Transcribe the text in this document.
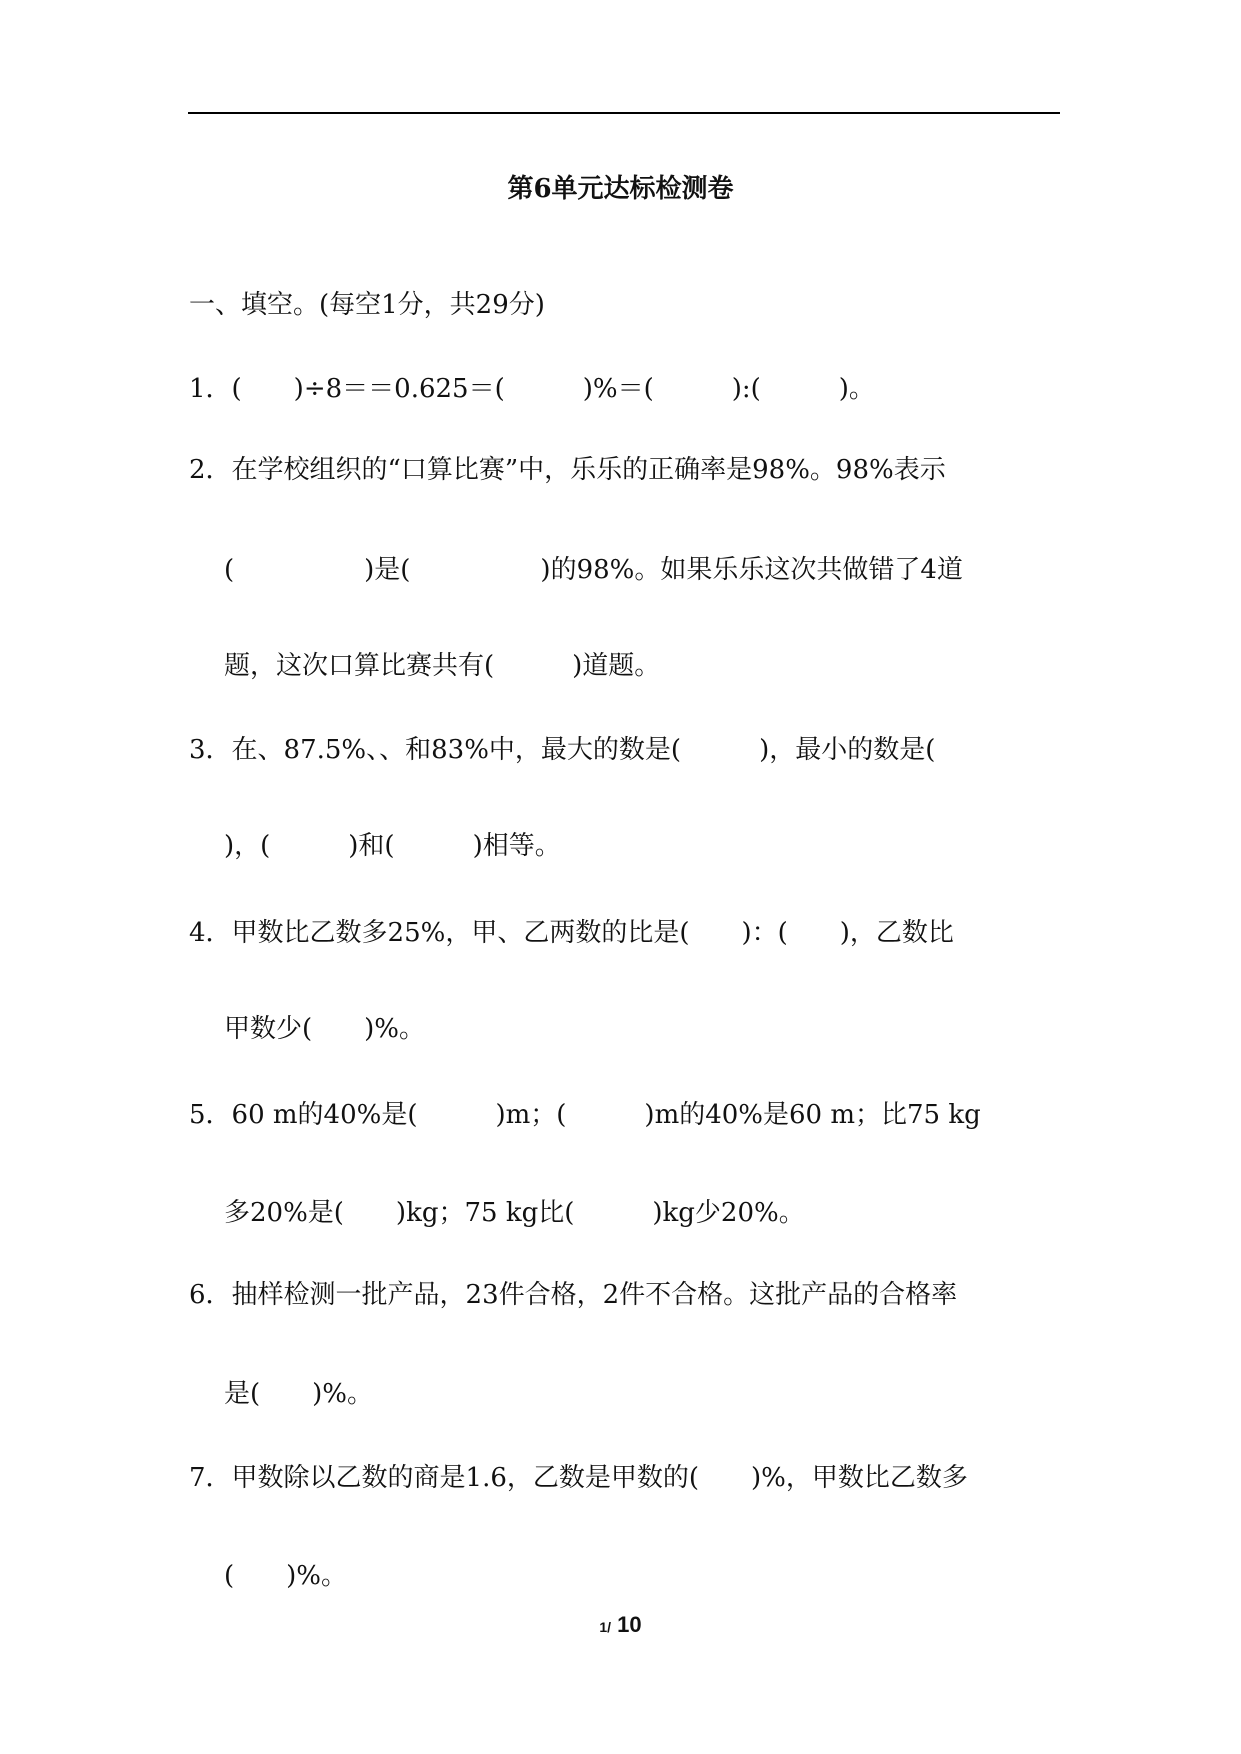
第6单元达标检测卷
一、填空。(每空1分，共29分)
1．(　　)÷8＝＝0.625＝(　　　)%＝(　　　):(　　　)。
2．在学校组织的“口算比赛”中，乐乐的正确率是98%。98%表示
(　　　　　)是(　　　　　)的98%。如果乐乐这次共做错了4道
题，这次口算比赛共有(　　　)道题。
3．在、87.5%、、和83%中，最大的数是(　　　)，最小的数是(
)，(　　　)和(　　　)相等。
4．甲数比乙数多25%，甲、乙两数的比是(　　)：(　　)，乙数比
甲数少(　　)%。
5．60 m的40%是(　　　)m；(　　　)m的40%是60 m；比75 kg
多20%是(　　)kg；75 kg比(　　　)kg少20%。
6．抽样检测一批产品，23件合格，2件不合格。这批产品的合格率
是(　　)%。
7．甲数除以乙数的商是1.6，乙数是甲数的(　　)%，甲数比乙数多
(　　)%。
1/ 10
